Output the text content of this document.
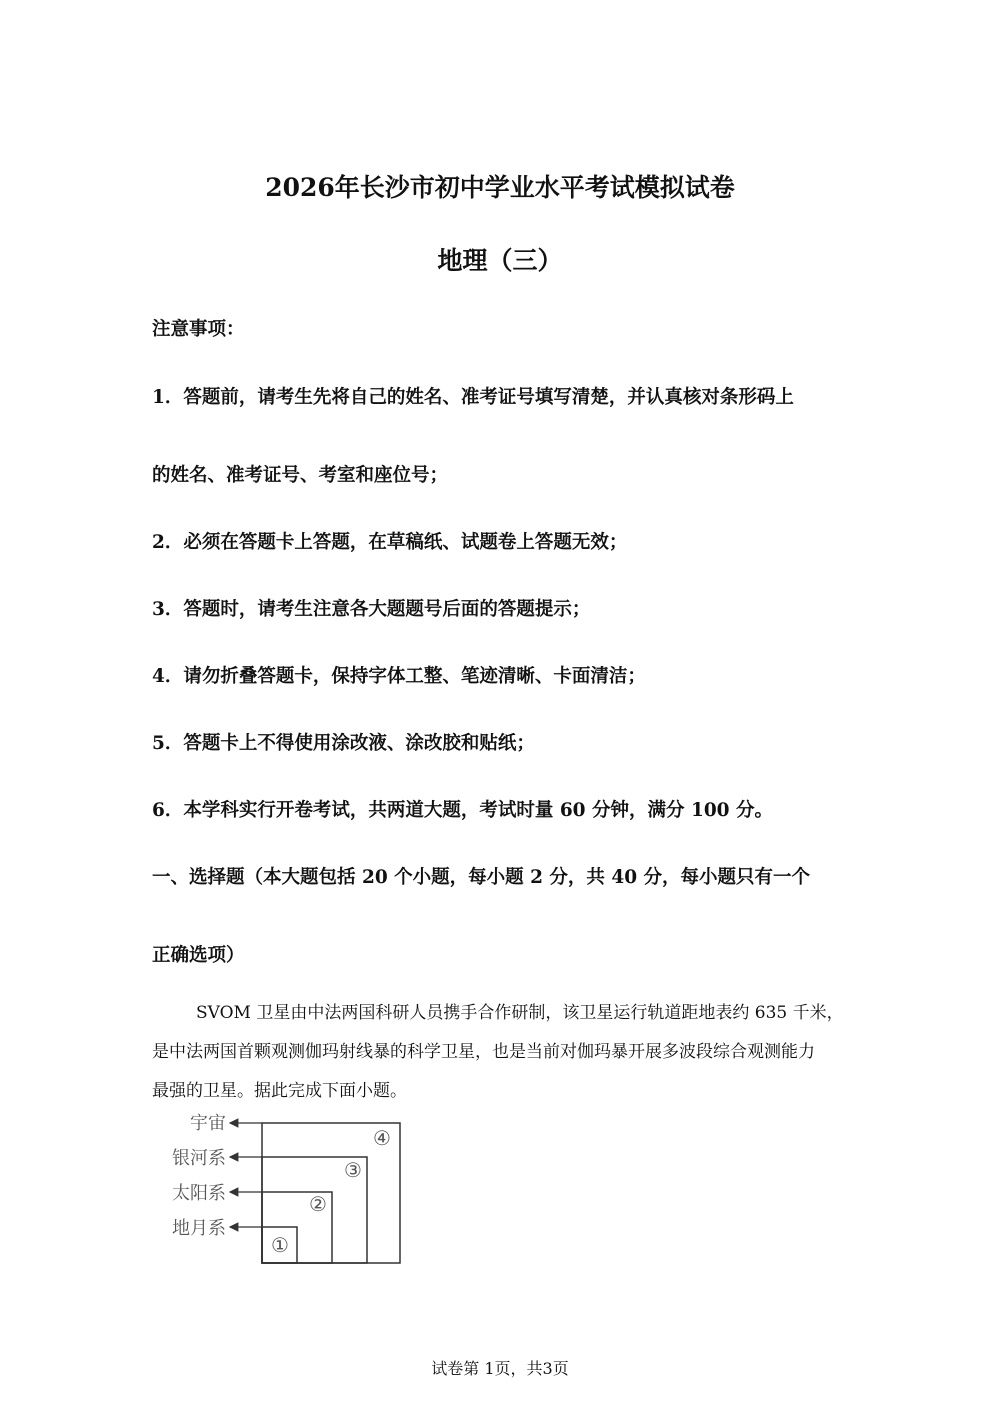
2026年长沙市初中学业水平考试模拟试卷
地理（三）
注意事项：
1．答题前，请考生先将自己的姓名、准考证号填写清楚，并认真核对条形码上
的姓名、准考证号、考室和座位号；
2．必须在答题卡上答题，在草稿纸、试题卷上答题无效；
3．答题时，请考生注意各大题题号后面的答题提示；
4．请勿折叠答题卡，保持字体工整、笔迹清晰、卡面清洁；
5．答题卡上不得使用涂改液、涂改胶和贴纸；
6．本学科实行开卷考试，共两道大题，考试时量 60 分钟，满分 100 分。
一、选择题（本大题包括 20 个小题，每小题 2 分，共 40 分，每小题只有一个
正确选项）
SVOM 卫星由中法两国科研人员携手合作研制，该卫星运行轨道距地表约 635 千米，
是中法两国首颗观测伽玛射线暴的科学卫星，也是当前对伽玛暴开展多波段综合观测能力
最强的卫星。据此完成下面小题。
宇宙
银河系
太阳系
地月系
④
③
②
①
试卷第 1页，共3页
